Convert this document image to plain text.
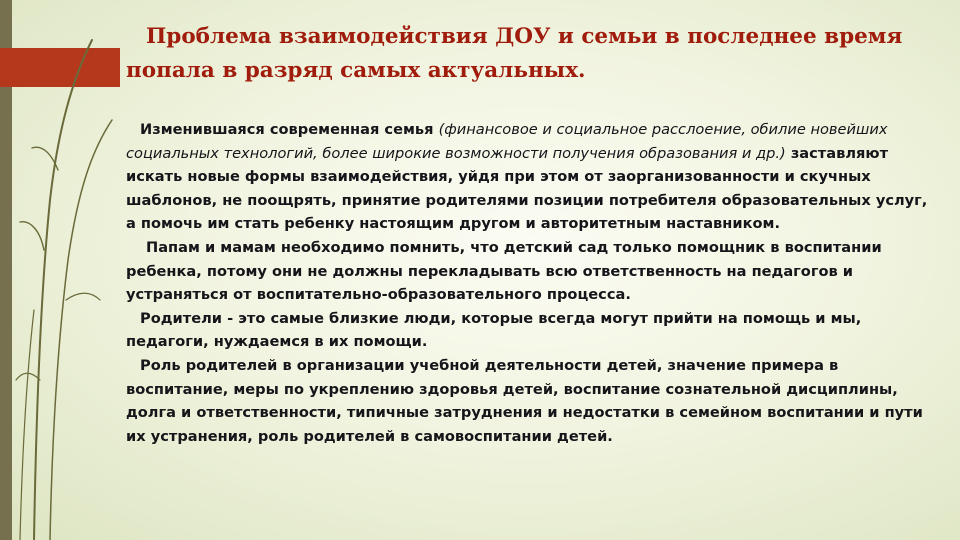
Проблема взаимодействия ДОУ и семьи в последнее время попала в разряд самых актуальных.

Изменившаяся современная семья (финансовое и социальное расслоение, обилие новейших социальных технологий, более широкие возможности получения образования и др.) заставляют искать новые формы взаимодействия, уйдя при этом от заорганизованности и скучных шаблонов, не поощрять, принятие родителями позиции потребителя образовательных услуг, а помочь им стать ребенку настоящим другом и авторитетным наставником.

Папам и мамам необходимо помнить, что детский сад только помощник в воспитании ребенка, потому они не должны перекладывать всю ответственность на педагогов и устраняться от воспитательно-образовательного процесса.

Родители - это самые близкие люди, которые всегда могут прийти на помощь и мы, педагоги, нуждаемся в их помощи.

Роль родителей в организации учебной деятельности детей, значение примера в воспитание, меры по укреплению здоровья детей, воспитание сознательной дисциплины, долга и ответственности, типичные затруднения и недостатки в семейном воспитании и пути их устранения, роль родителей в самовоспитании детей.
